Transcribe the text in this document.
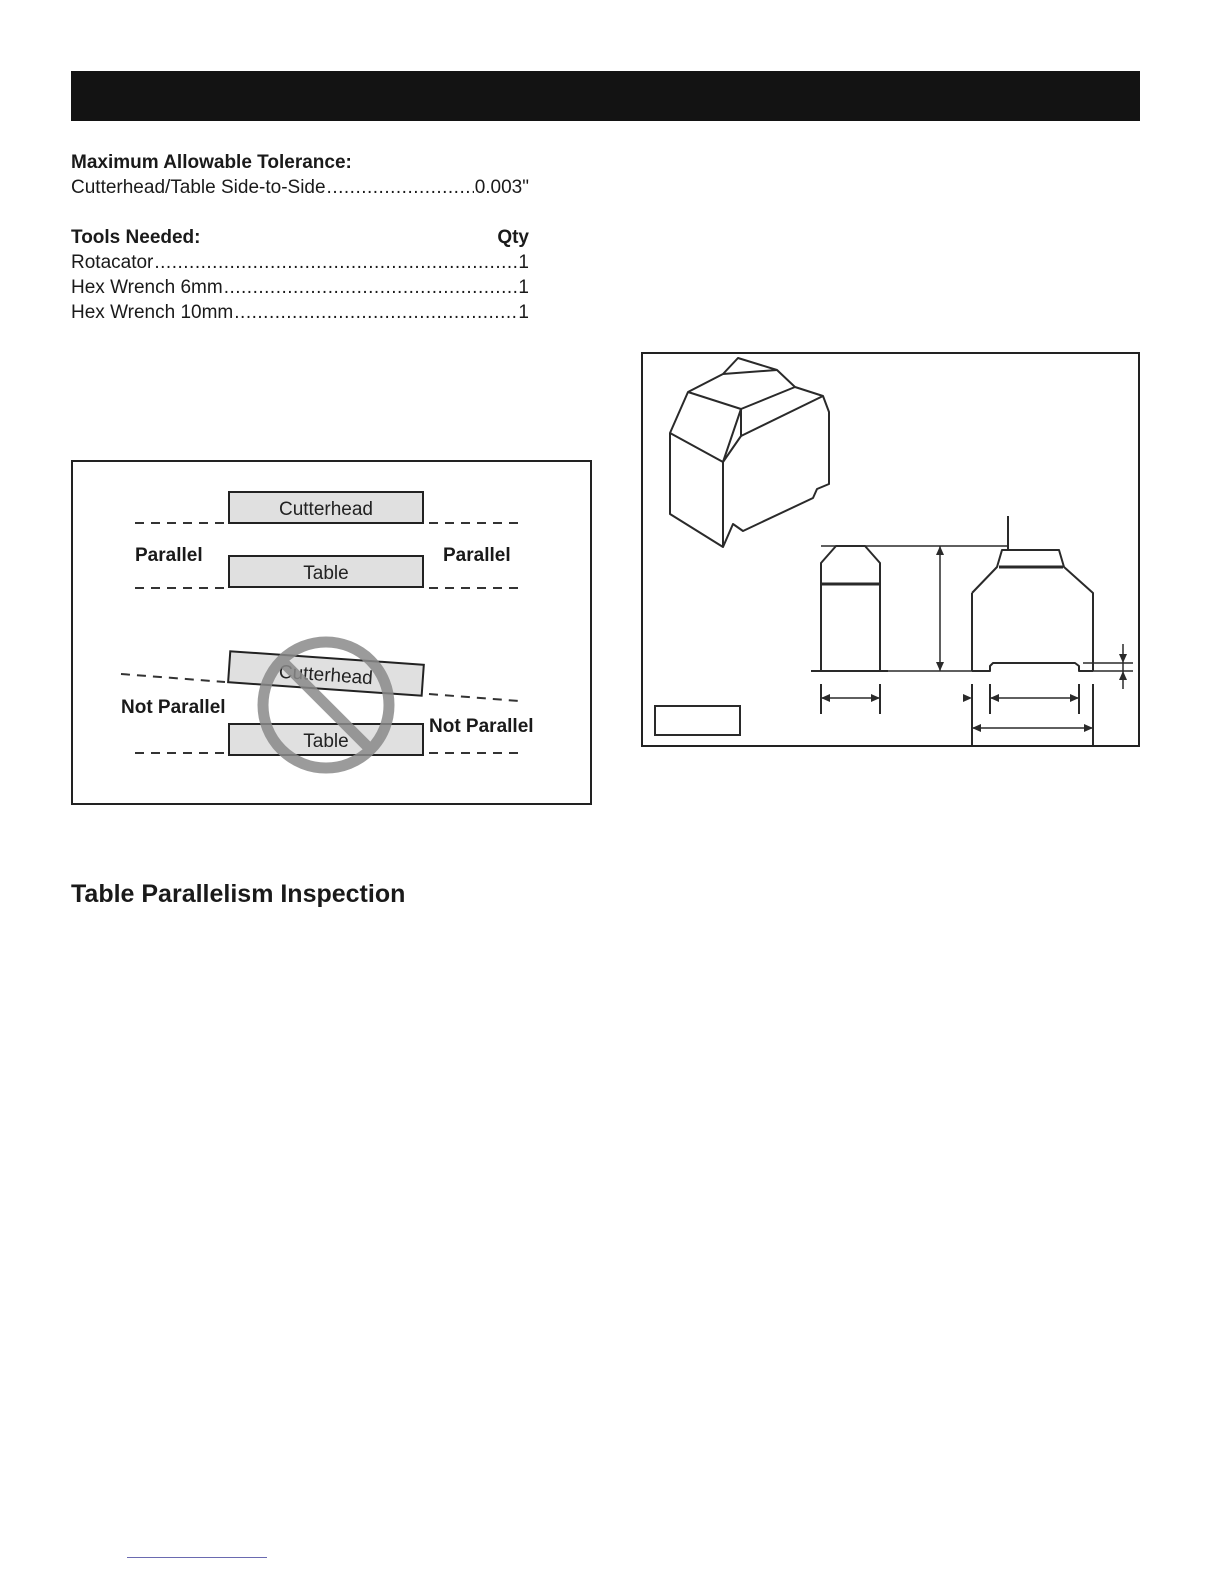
Maximum Allowable Tolerance:
Cutterhead/Table Side-to-Side .....	0.003"
Tools Needed:	Qty
Rotacator .....	1
Hex Wrench 6mm .....	1
Hex Wrench 10mm .....	1
Cutterhead
Table
Parallel	Parallel
Cutterhead
Table
Not Parallel
Not Parallel
Table Parallelism Inspection
